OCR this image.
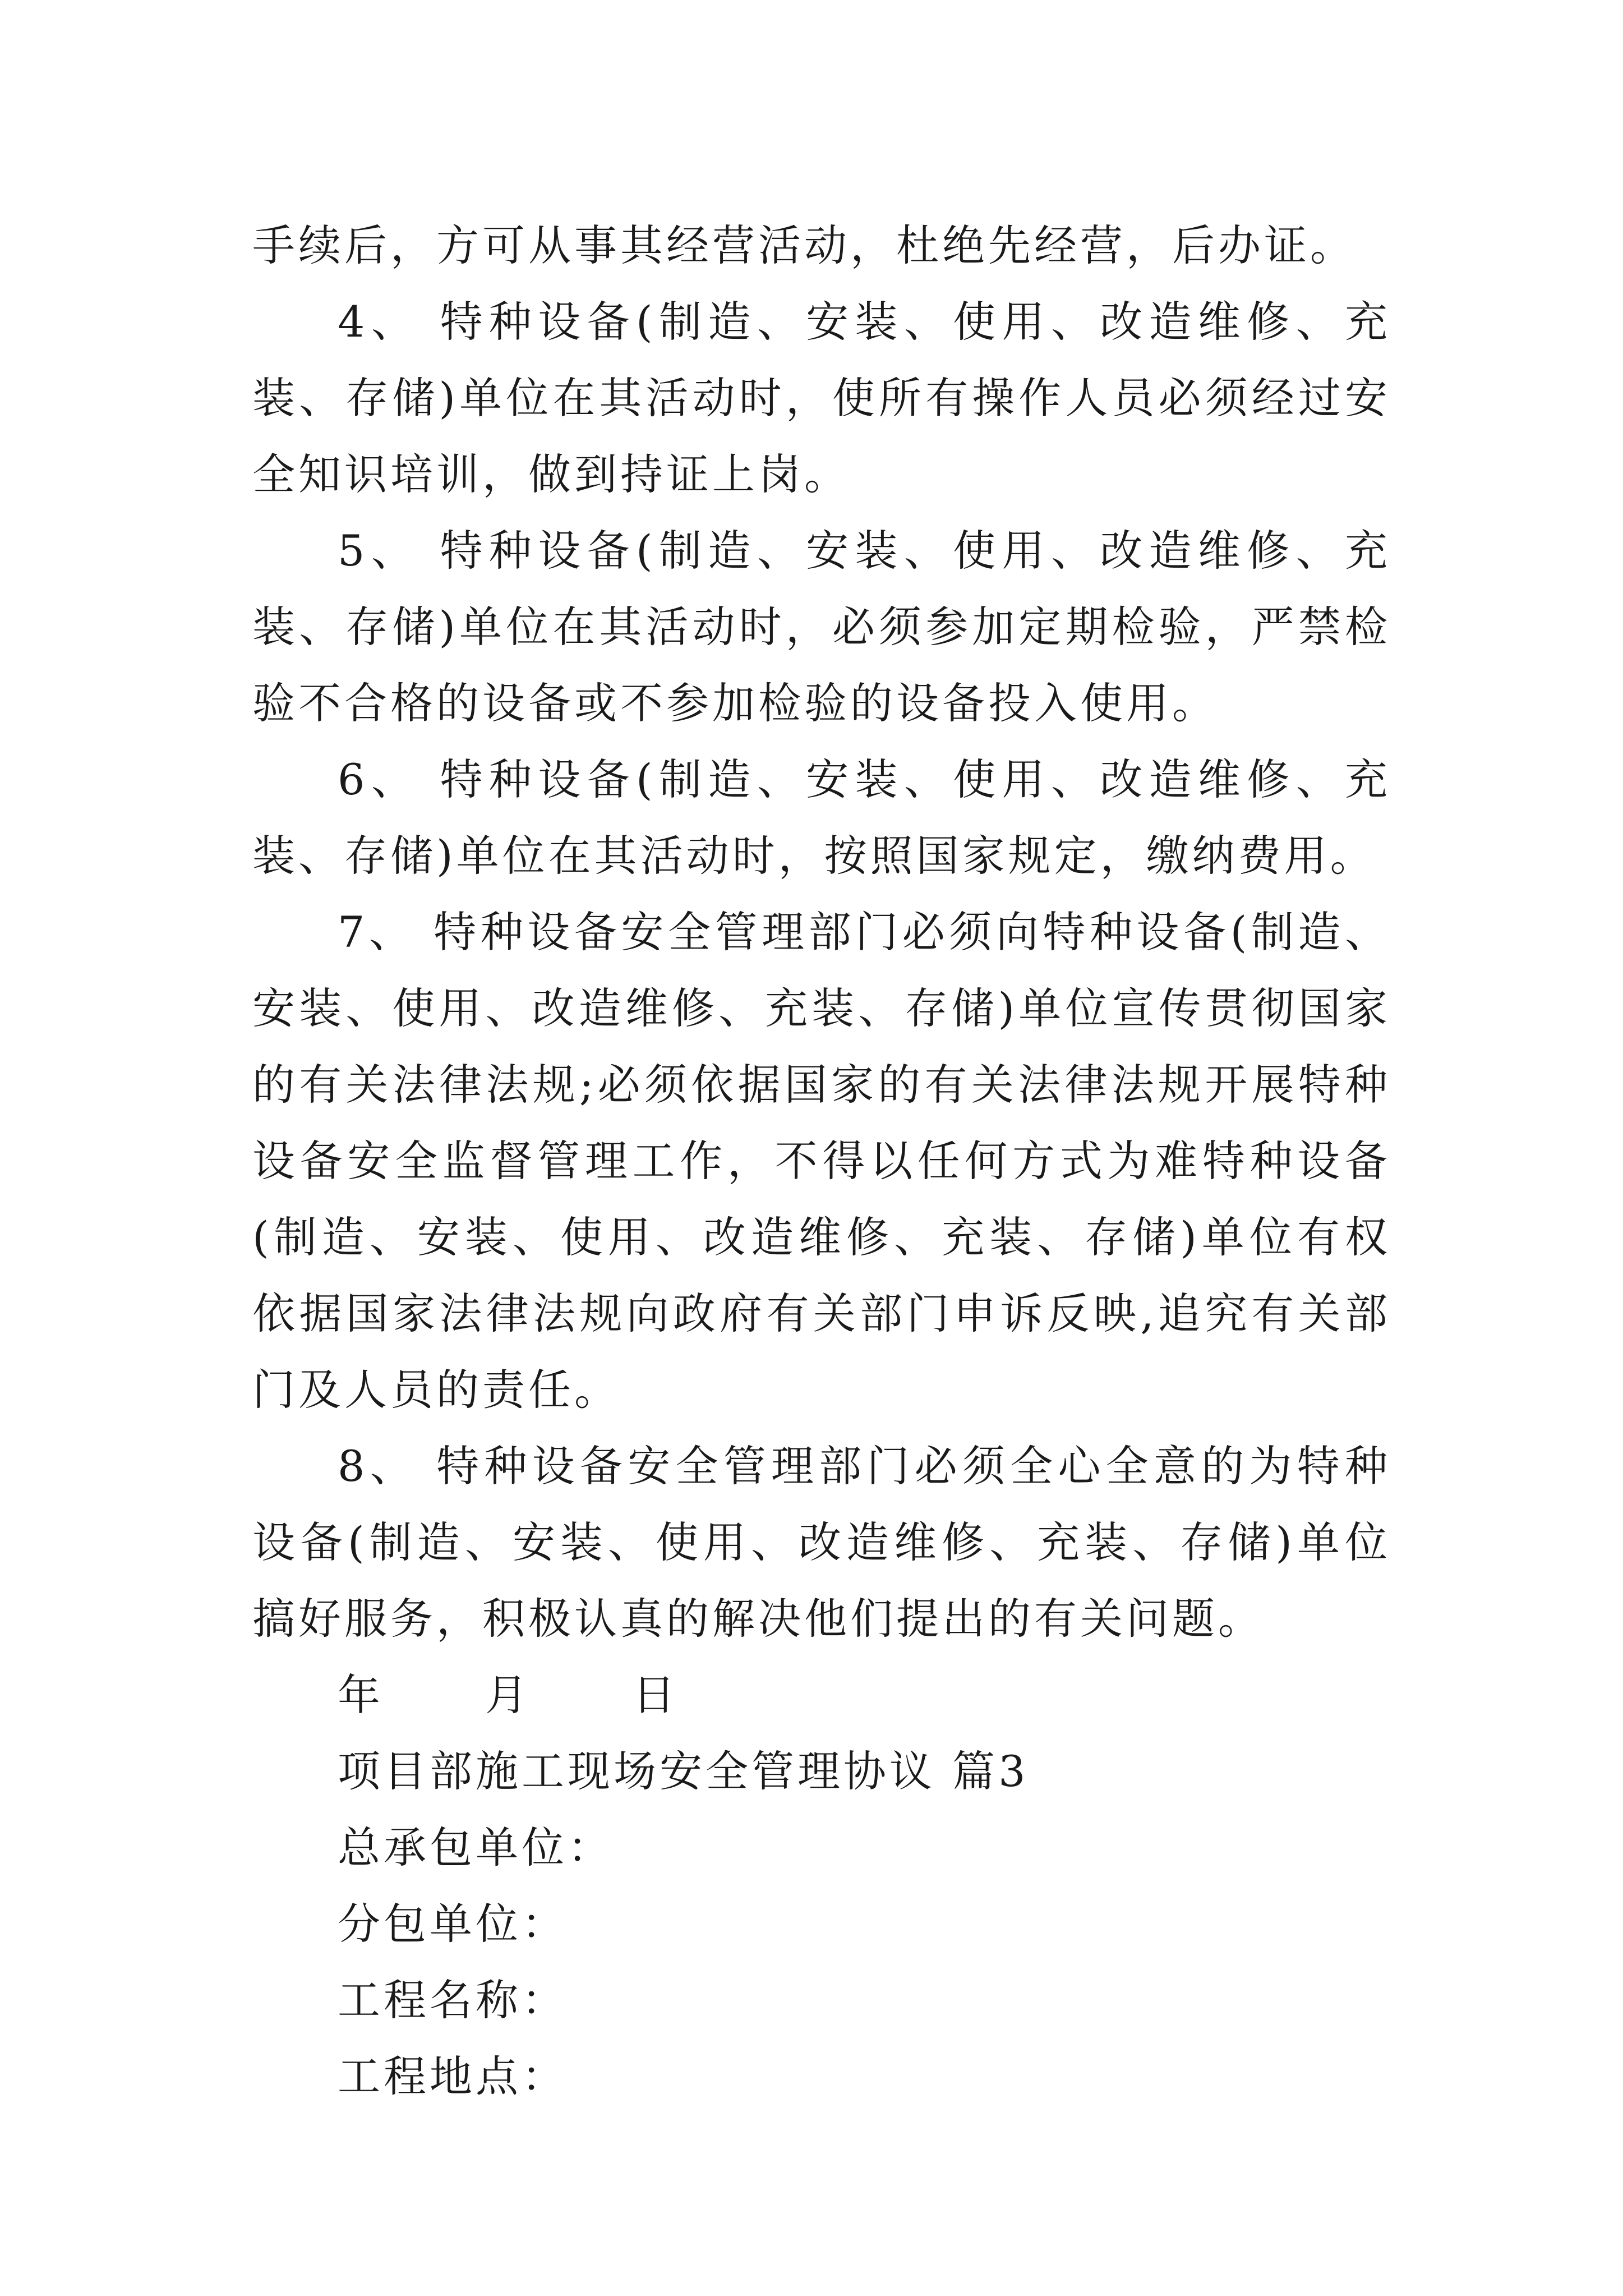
手续后，方可从事其经营活动，杜绝先经营，后办证。

4、 特种设备(制造、安装、使用、改造维修、充装、存储)单位在其活动时，使所有操作人员必须经过安全知识培训，做到持证上岗。

5、 特种设备(制造、安装、使用、改造维修、充装、存储)单位在其活动时，必须参加定期检验，严禁检验不合格的设备或不参加检验的设备投入使用。

6、 特种设备(制造、安装、使用、改造维修、充装、存储)单位在其活动时，按照国家规定，缴纳费用。

7、 特种设备安全管理部门必须向特种设备(制造、安装、使用、改造维修、充装、存储)单位宣传贯彻国家的有关法律法规;必须依据国家的有关法律法规开展特种设备安全监督管理工作，不得以任何方式为难特种设备(制造、安装、使用、改造维修、充装、存储)单位有权依据国家法律法规向政府有关部门申诉反映,追究有关部门及人员的责任。

8、 特种设备安全管理部门必须全心全意的为特种设备(制造、安装、使用、改造维修、充装、存储)单位搞好服务，积极认真的解决他们提出的有关问题。

年      月      日

项目部施工现场安全管理协议 篇3

总承包单位：

分包单位：

工程名称：

工程地点：
